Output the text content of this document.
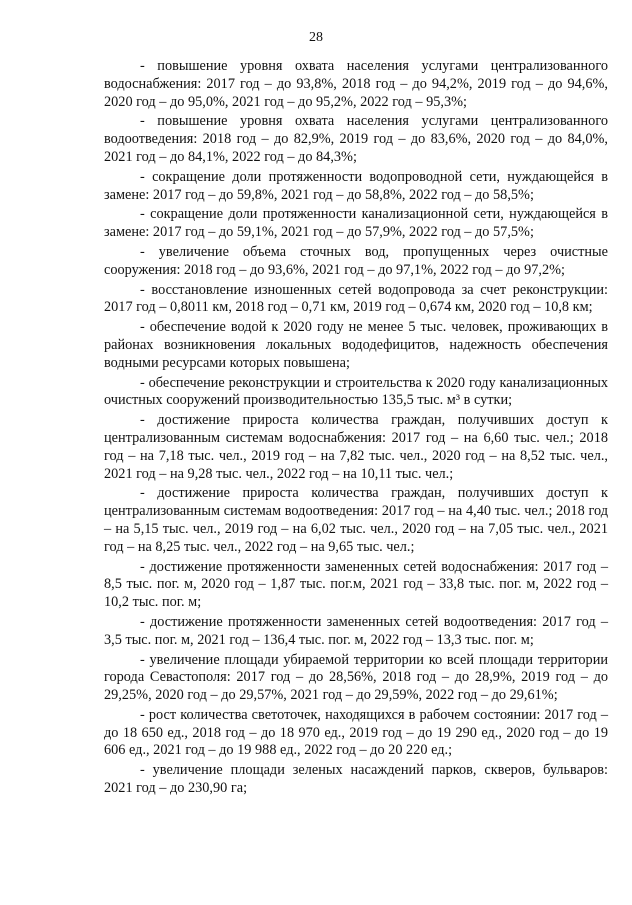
28

- повышение уровня охвата населения услугами централизованного водоснабжения: 2017 год – до 93,8%, 2018 год – до 94,2%, 2019 год – до 94,6%, 2020 год – до 95,0%, 2021 год – до 95,2%, 2022 год – 95,3%;

- повышение уровня охвата населения услугами централизованного водоотведения: 2018 год – до 82,9%, 2019 год – до 83,6%, 2020 год – до 84,0%, 2021 год – до 84,1%, 2022 год – до 84,3%;

- сокращение доли протяженности водопроводной сети, нуждающейся в замене: 2017 год – до 59,8%, 2021 год – до 58,8%, 2022 год – до 58,5%;

- сокращение доли протяженности канализационной сети, нуждающейся в замене: 2017 год – до 59,1%, 2021 год – до 57,9%, 2022 год – до 57,5%;

- увеличение объема сточных вод, пропущенных через очистные сооружения: 2018 год – до 93,6%, 2021 год – до 97,1%, 2022 год – до 97,2%;

- восстановление изношенных сетей водопровода за счет реконструкции: 2017 год – 0,8011 км, 2018 год – 0,71 км, 2019 год – 0,674 км, 2020 год – 10,8 км;

- обеспечение водой к 2020 году не менее 5 тыс. человек, проживающих в районах возникновения локальных вододефицитов, надежность обеспечения водными ресурсами которых повышена;

- обеспечение реконструкции и строительства к 2020 году канализационных очистных сооружений производительностью 135,5 тыс. м³ в сутки;

- достижение прироста количества граждан, получивших доступ к централизованным системам водоснабжения: 2017 год – на 6,60 тыс. чел.; 2018 год – на 7,18 тыс. чел., 2019 год – на 7,82 тыс. чел., 2020 год – на 8,52 тыс. чел., 2021 год – на 9,28 тыс. чел., 2022 год – на 10,11 тыс. чел.;

- достижение прироста количества граждан, получивших доступ к централизованным системам водоотведения: 2017 год – на 4,40 тыс. чел.; 2018 год – на 5,15 тыс. чел., 2019 год – на 6,02 тыс. чел., 2020 год – на 7,05 тыс. чел., 2021 год – на 8,25 тыс. чел., 2022 год – на 9,65 тыс. чел.;

- достижение протяженности замененных сетей водоснабжения: 2017 год – 8,5 тыс. пог. м, 2020 год – 1,87 тыс. пог.м, 2021 год – 33,8 тыс. пог. м, 2022 год – 10,2 тыс. пог. м;

- достижение протяженности замененных сетей водоотведения: 2017 год – 3,5 тыс. пог. м, 2021 год – 136,4 тыс. пог. м, 2022 год – 13,3 тыс. пог. м;

- увеличение площади убираемой территории ко всей площади территории города Севастополя: 2017 год – до 28,56%, 2018 год – до 28,9%, 2019 год – до 29,25%, 2020 год – до 29,57%, 2021 год – до 29,59%, 2022 год – до 29,61%;

- рост количества светоточек, находящихся в рабочем состоянии: 2017 год – до 18 650 ед., 2018 год – до 18 970 ед., 2019 год – до 19 290 ед., 2020 год – до 19 606 ед., 2021 год – до 19 988 ед., 2022 год – до 20 220 ед.;

- увеличение площади зеленых насаждений парков, скверов, бульваров: 2021 год – до 230,90 га;
